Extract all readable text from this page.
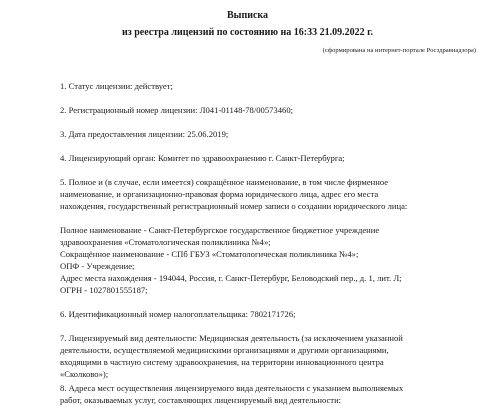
Выписка
из реестра лицензий по состоянию на 16:33 21.09.2022 г.
(сформирована на интернет-портале Росздравнадзора)
1. Статус лицензии: действует;
2. Регистрационный номер лицензии: Л041-01148-78/00573460;
3. Дата предоставления лицензии: 25.06.2019;
4. Лицензирующий орган: Комитет по здравоохранению г. Санкт-Петербурга;
5. Полное и (в случае, если имеется) сокращённое наименование, в том числе фирменное
наименование, и организационно-правовая форма юридического лица, адрес его места
нахождения, государственный регистрационный номер записи о создании юридического лица:
Полное наименование - Санкт-Петербургское государственное бюджетное учреждение
здравоохранения «Стоматологическая поликлиника №4»;
Сокращённое наименование - СПб ГБУЗ «Стоматологическая поликлиника №4»;
ОПФ - Учреждение;
Адрес места нахождения - 194044, Россия, г. Санкт-Петербург, Беловодский пер., д. 1, лит. Л;
ОГРН - 1027801555187;
6. Идентификационный номер налогоплательщика: 7802171726;
7. Лицензируемый вид деятельности: Медицинская деятельность (за исключением указанной
деятельности, осуществляемой медицинскими организациями и другими организациями,
входящими в частную систему здравоохранения, на территории инновационного центра
«Сколково»);
8. Адреса мест осуществления лицензируемого вида деятельности с указанием выполняемых
работ, оказываемых услуг, составляющих лицензируемый вид деятельности:
